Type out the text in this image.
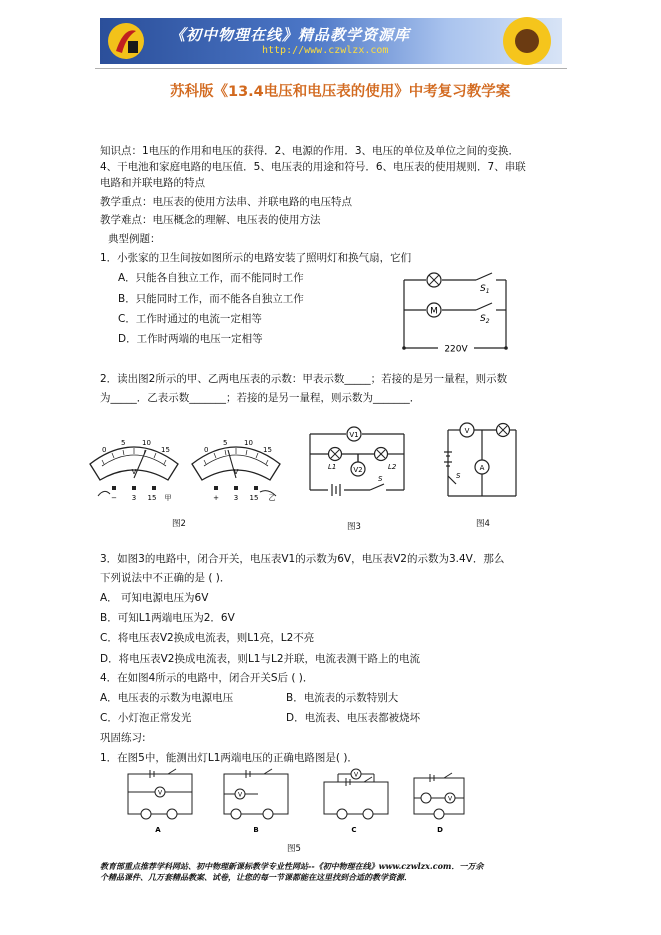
《初中物理在线》精品教学资源库
http://www.czwlzx.com
苏科版《13.4电压和电压表的使用》中考复习教学案
知识点：1电压的作用和电压的获得．2、电源的作用．3、电压的单位及单位之间的变换．
4、干电池和家庭电路的电压值．5、电压表的用途和符号．6、电压表的使用规则．7、串联
电路和并联电路的特点
教学重点：电压表的使用方法串、并联电路的电压特点
教学难点：电压概念的理解、电压表的使用方法
典型例题：
1．小张家的卫生间按如图所示的电路安装了照明灯和换气扇，它们
A．只能各自独立工作，而不能同时工作
B．只能同时工作，而不能各自独立工作
C．工作时通过的电流一定相等
D．工作时两端的电压一定相等
M
$S_1$
$S_2$
220V
2．读出图2所示的甲、乙两电压表的示数：甲表示数_____；若接的是另一量程，则示数
为_____．乙表示数_______；若接的是另一量程，则示数为_______．
0
5 10
15
V
− 3 15 甲
0
5 10
15
V
+ 3 15 乙
V1
V2
L1	L2
S
V
A
S
图2	图3	图4
3．如图3的电路中，闭合开关，电压表V1的示数为6V，电压表V2的示数为3.4V．那么
下列说法中不正确的是 ( )．
A． 可知电源电压为6V
B．可知L1两端电压为2．6V
C．将电压表V2换成电流表，则L1亮，L2不亮
D．将电压表V2换成电流表，则L1与L2并联，电流表测干路上的电流
4．在如图4所示的电路中，闭合开关S后 ( )．
A．电压表的示数为电源电压	B．电流表的示数特别大
C．小灯泡正常发光	D．电流表、电压表都被烧坏
巩固练习:
1．在图5中，能测出灯L1两端电压的正确电路图是( )．
V
A
V
B
V
C
V
D
图5
教育部重点推荐学科网站、初中物理新课标教学专业性网站--《初中物理在线》www.czwlzx.com．一万余
个精品课件、几万套精品教案、试卷，让您的每一节课都能在这里找到合适的教学资源．
